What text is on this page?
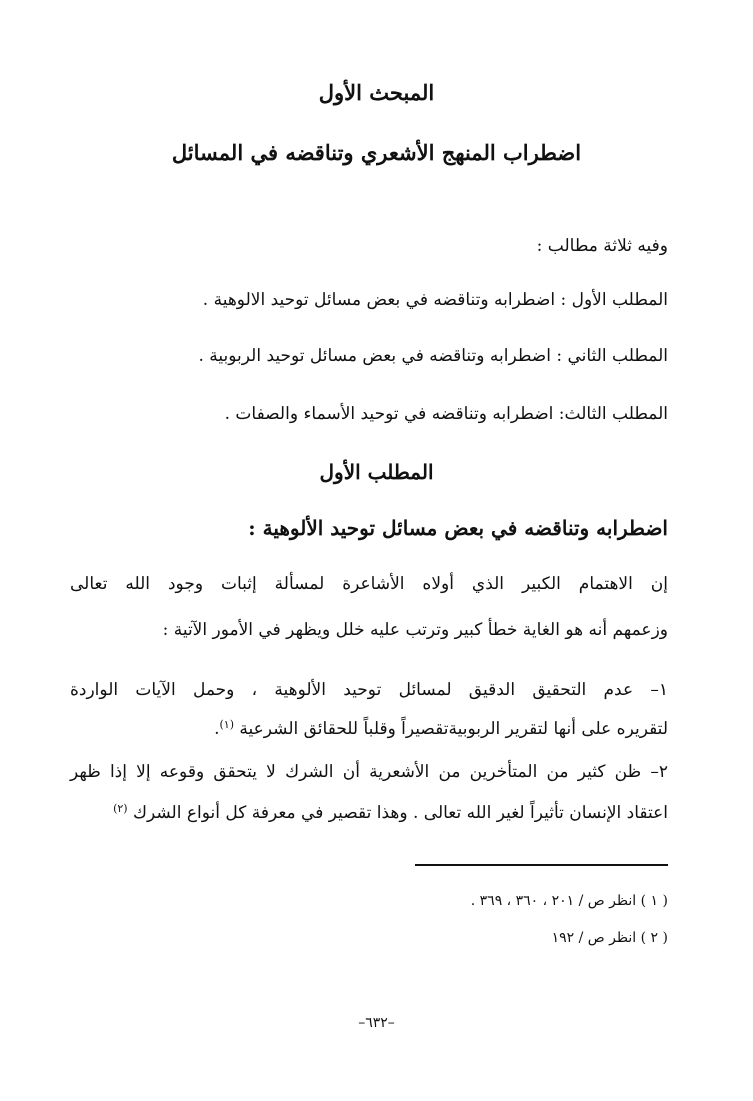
المبحث الأول
اضطراب المنهج الأشعري وتناقضه في المسائل
وفيه ثلاثة مطالب :
المطلب الأول : اضطرابه وتناقضه في بعض مسائل توحيد الالوهية .
المطلب الثاني : اضطرابه وتناقضه في بعض مسائل توحيد الربوبية .
المطلب الثالث: اضطرابه وتناقضه في توحيد الأسماء والصفات .
المطلب الأول
اضطرابه وتناقضه في بعض مسائل توحيد الألوهية :
إن الاهتمام الكبير الذي أولاه الأشاعرة لمسألة إثبات وجود الله تعالى
وزعمهم أنه هو الغاية خطأ كبير وترتب عليه خلل ويظهر في الأمور الآتية :
١– عدم التحقيق الدقيق لمسائل توحيد الألوهية ، وحمل الآيات الواردة
لتقريره على أنها لتقرير الربوبيةتقصيراً وقلباً للحقائق الشرعية $^{(١)}$.
٢– ظن كثير من المتأخرين من الأشعرية أن الشرك لا يتحقق وقوعه إلا إذا ظهر
اعتقاد الإنسان تأثيراً لغير الله تعالى . وهذا تقصير في معرفة كل أنواع الشرك $^{(٢)}$
( ١ ) انظر ص / ٢٠١ ، ٣٦٠ ، ٣٦٩ .
( ٢ ) انظر ص / ١٩٢
–٦٣٢–
